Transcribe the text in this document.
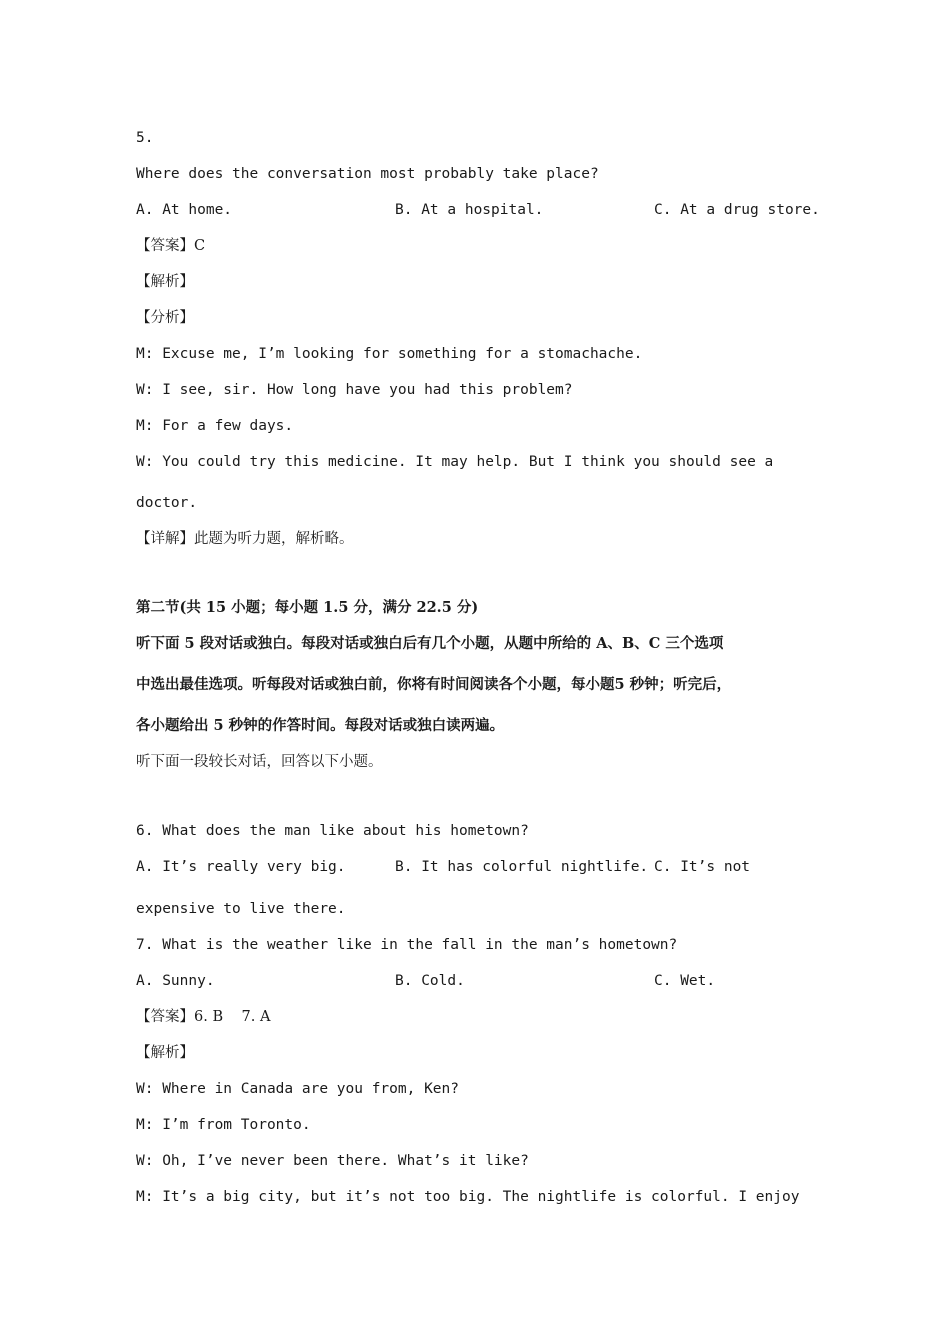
5.
Where does the conversation most probably take place?
A. At home.	B. At a hospital.	C. At a drug store.
【答案】C
【解析】
【分析】
M: Excuse me, I’m looking for something for a stomachache.
W: I see, sir. How long have you had this problem?
M: For a few days.
W: You could try this medicine. It may help. But I think you should see a
doctor.
【详解】此题为听力题，解析略。
第二节(共 15 小题；每小题 1.5 分，满分 22.5 分)
听下面 5 段对话或独白。每段对话或独白后有几个小题，从题中所给的 A、B、C 三个选项
中选出最佳选项。听每段对话或独白前，你将有时间阅读各个小题，每小题5 秒钟；听完后，
各小题给出 5 秒钟的作答时间。每段对话或独白读两遍。
听下面一段较长对话，回答以下小题。
6. What does the man like about his hometown?
A. It’s really very big.	B. It has colorful nightlife. C. It’s not
expensive to live there.
7. What is the weather like in the fall in the man’s hometown?
A. Sunny.	B. Cold.	C. Wet.
【答案】6. B    7. A
【解析】
W: Where in Canada are you from, Ken?
M: I’m from Toronto.
W: Oh, I’ve never been there. What’s it like?
M: It’s a big city, but it’s not too big. The nightlife is colorful. I enjoy
